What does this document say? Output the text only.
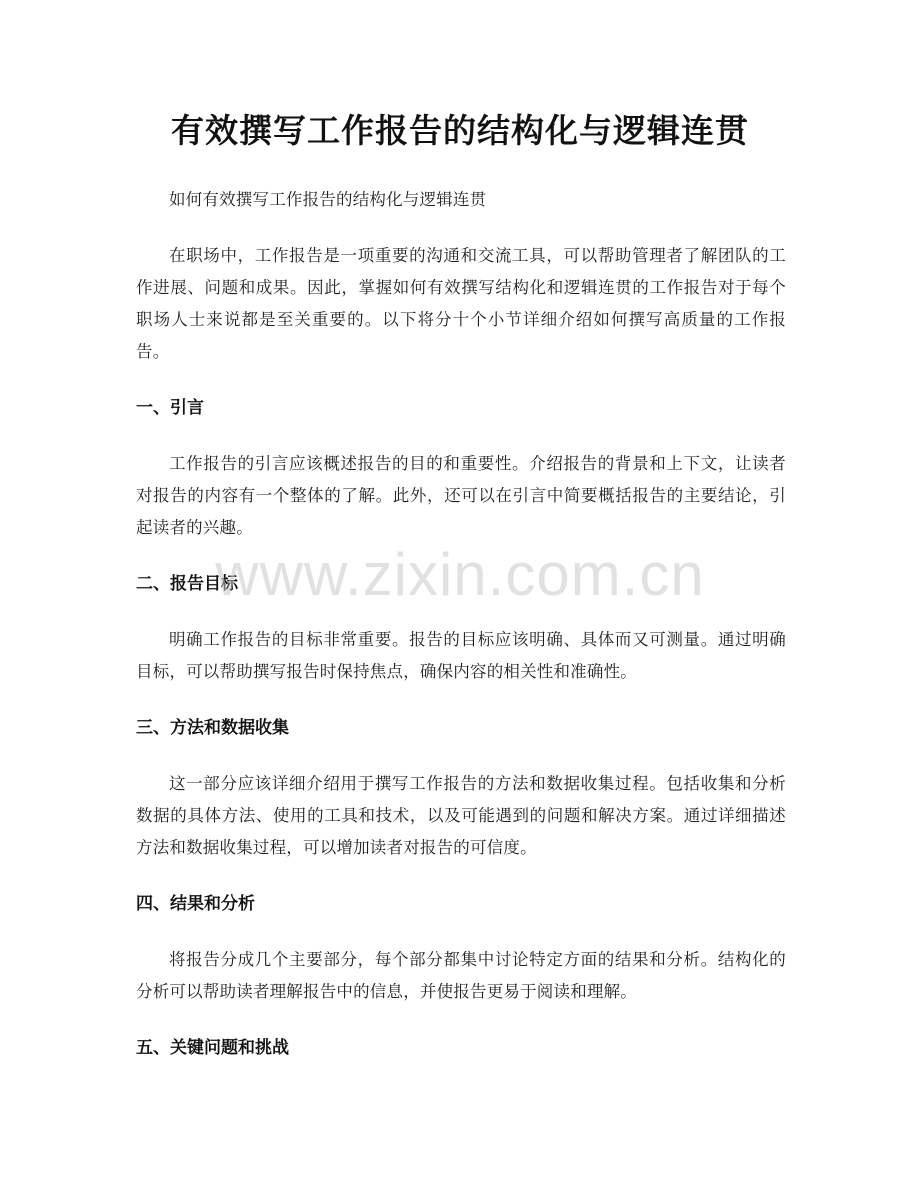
有效撰写工作报告的结构化与逻辑连贯

如何有效撰写工作报告的结构化与逻辑连贯

在职场中，工作报告是一项重要的沟通和交流工具，可以帮助管理者了解团队的工作进展、问题和成果。因此，掌握如何有效撰写结构化和逻辑连贯的工作报告对于每个职场人士来说都是至关重要的。以下将分十个小节详细介绍如何撰写高质量的工作报告。

一、引言

工作报告的引言应该概述报告的目的和重要性。介绍报告的背景和上下文，让读者对报告的内容有一个整体的了解。此外，还可以在引言中简要概括报告的主要结论，引起读者的兴趣。

二、报告目标

明确工作报告的目标非常重要。报告的目标应该明确、具体而又可测量。通过明确目标，可以帮助撰写报告时保持焦点，确保内容的相关性和准确性。

三、方法和数据收集

这一部分应该详细介绍用于撰写工作报告的方法和数据收集过程。包括收集和分析数据的具体方法、使用的工具和技术，以及可能遇到的问题和解决方案。通过详细描述方法和数据收集过程，可以增加读者对报告的可信度。

四、结果和分析

将报告分成几个主要部分，每个部分都集中讨论特定方面的结果和分析。结构化的分析可以帮助读者理解报告中的信息，并使报告更易于阅读和理解。

五、关键问题和挑战
www.zixin.com.cn
